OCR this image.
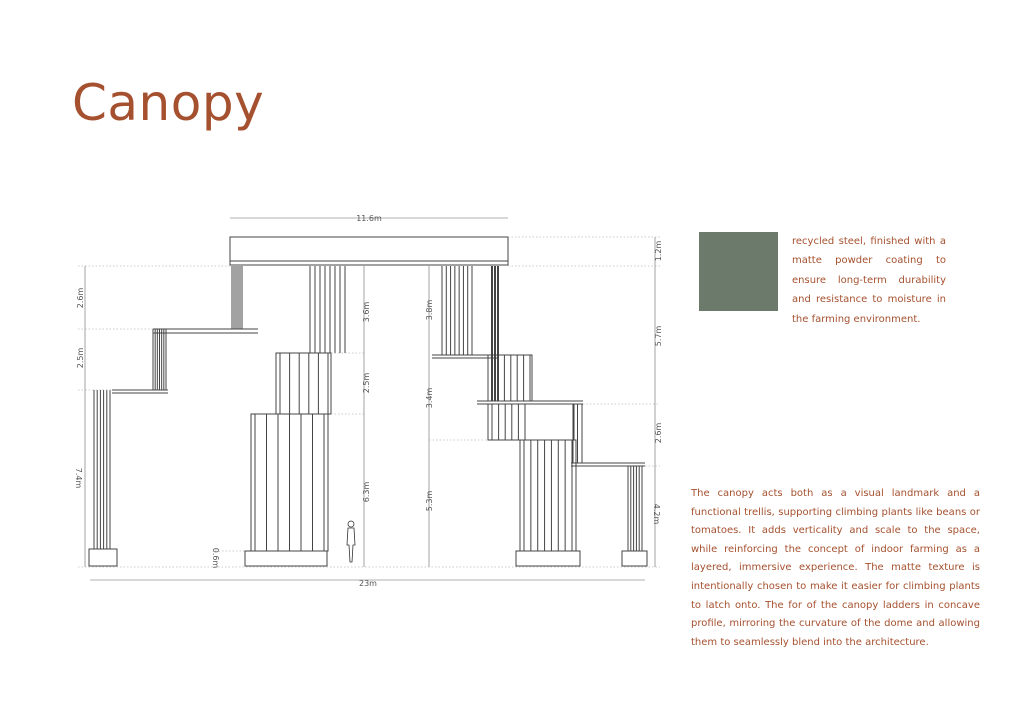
Canopy

recycled steel, finished with a matte powder coating to ensure long-term durability and resistance to moisture in the farming environment.

The canopy acts both as a visual landmark and a functional trellis, supporting climbing plants like beans or tomatoes. It adds verticality and scale to the space, while reinforcing the concept of indoor farming as a layered, immersive experience. The matte texture is intentionally chosen to make it easier for climbing plants to latch onto. The for of the canopy ladders in concave profile, mirroring the curvature of the dome and allowing them to seamlessly blend into the architecture.

11.6m
23m
2.6m
2.5m
7.4m
3.6m
2.5m
6.3m
0.6m
3.8m
3.4m
5.3m
1.2m
5.7m
2.6m
4.2m
